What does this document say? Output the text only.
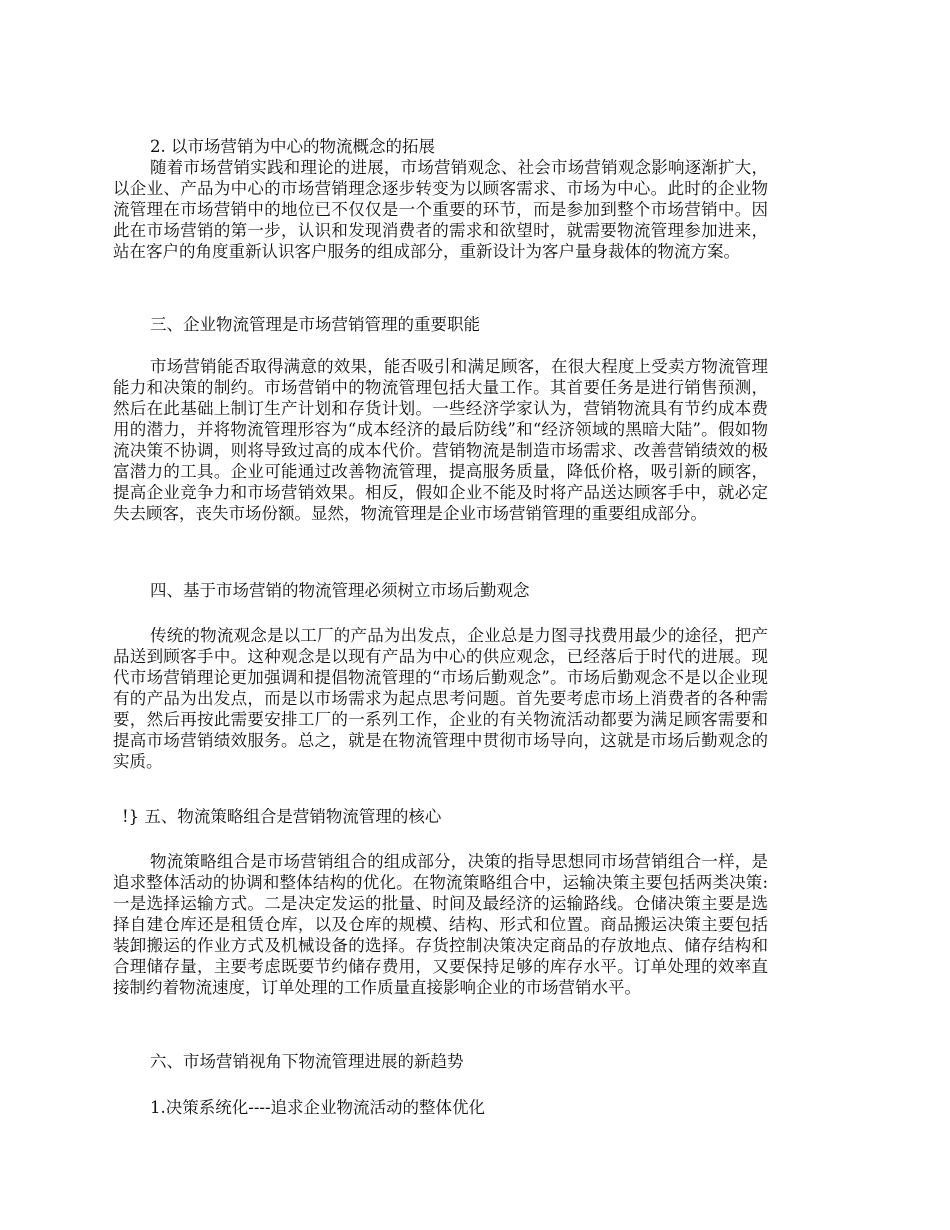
2. 以市场营销为中心的物流概念的拓展

随着市场营销实践和理论的进展，市场营销观念、社会市场营销观念影响逐渐扩大，以企业、产品为中心的市场营销理念逐步转变为以顾客需求、市场为中心。此时的企业物流管理在市场营销中的地位已不仅仅是一个重要的环节，而是参加到整个市场营销中。因此在市场营销的第一步，认识和发现消费者的需求和欲望时，就需要物流管理参加进来，站在客户的角度重新认识客户服务的组成部分，重新设计为客户量身裁体的物流方案。

三、企业物流管理是市场营销管理的重要职能

市场营销能否取得满意的效果，能否吸引和满足顾客，在很大程度上受卖方物流管理能力和决策的制约。市场营销中的物流管理包括大量工作。其首要任务是进行销售预测，然后在此基础上制订生产计划和存货计划。一些经济学家认为，营销物流具有节约成本费用的潜力，并将物流管理形容为“成本经济的最后防线”和“经济领域的黑暗大陆”。假如物流决策不协调，则将导致过高的成本代价。营销物流是制造市场需求、改善营销绩效的极富潜力的工具。企业可能通过改善物流管理，提高服务质量，降低价格，吸引新的顾客，提高企业竞争力和市场营销效果。相反，假如企业不能及时将产品送达顾客手中，就必定失去顾客，丧失市场份额。显然，物流管理是企业市场营销管理的重要组成部分。

四、基于市场营销的物流管理必须树立市场后勤观念

传统的物流观念是以工厂的产品为出发点，企业总是力图寻找费用最少的途径，把产品送到顾客手中。这种观念是以现有产品为中心的供应观念，已经落后于时代的进展。现代市场营销理论更加强调和提倡物流管理的“市场后勤观念”。市场后勤观念不是以企业现有的产品为出发点，而是以市场需求为起点思考问题。首先要考虑市场上消费者的各种需要，然后再按此需要安排工厂的一系列工作，企业的有关物流活动都要为满足顾客需要和提高市场营销绩效服务。总之，就是在物流管理中贯彻市场导向，这就是市场后勤观念的实质。

!} 五、物流策略组合是营销物流管理的核心

物流策略组合是市场营销组合的组成部分，决策的指导思想同市场营销组合一样，是追求整体活动的协调和整体结构的优化。在物流策略组合中，运输决策主要包括两类决策:一是选择运输方式。二是决定发运的批量、时间及最经济的运输路线。仓储决策主要是选择自建仓库还是租赁仓库，以及仓库的规模、结构、形式和位置。商品搬运决策主要包括装卸搬运的作业方式及机械设备的选择。存货控制决策决定商品的存放地点、储存结构和合理储存量，主要考虑既要节约储存费用，又要保持足够的库存水平。订单处理的效率直接制约着物流速度，订单处理的工作质量直接影响企业的市场营销水平。

六、市场营销视角下物流管理进展的新趋势
1.决策系统化----追求企业物流活动的整体优化
